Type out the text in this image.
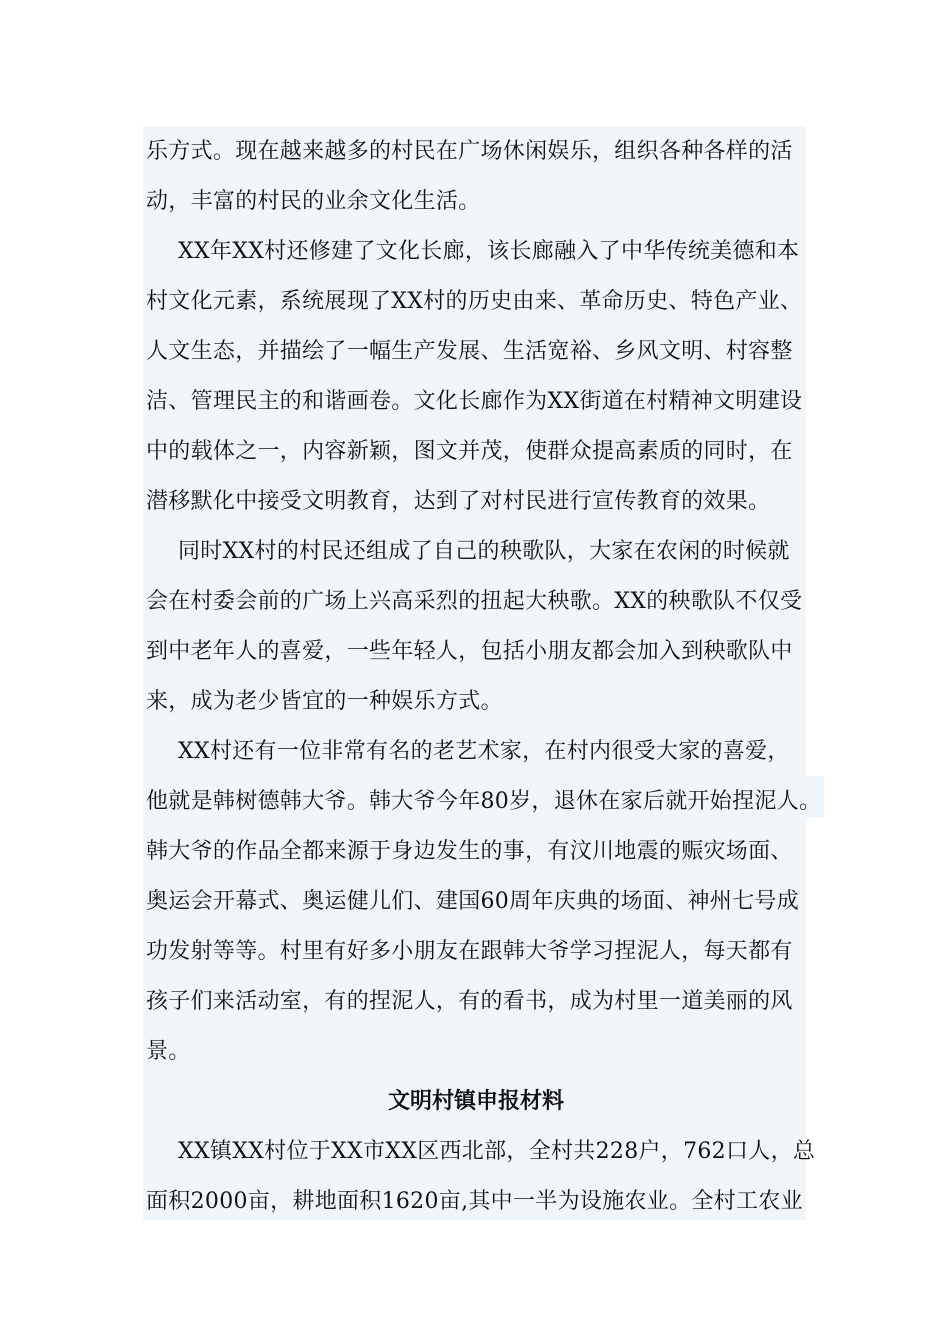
乐方式。现在越来越多的村民在广场休闲娱乐，组织各种各样的活
动，丰富的村民的业余文化生活。
XX年XX村还修建了文化长廊，该长廊融入了中华传统美德和本
村文化元素，系统展现了XX村的历史由来、革命历史、特色产业、
人文生态，并描绘了一幅生产发展、生活宽裕、乡风文明、村容整
洁、管理民主的和谐画卷。文化长廊作为XX街道在村精神文明建设
中的载体之一，内容新颖，图文并茂，使群众提高素质的同时，在
潜移默化中接受文明教育，达到了对村民进行宣传教育的效果。
同时XX村的村民还组成了自己的秧歌队，大家在农闲的时候就
会在村委会前的广场上兴高采烈的扭起大秧歌。XX的秧歌队不仅受
到中老年人的喜爱，一些年轻人，包括小朋友都会加入到秧歌队中
来，成为老少皆宜的一种娱乐方式。
XX村还有一位非常有名的老艺术家，在村内很受大家的喜爱，
他就是韩树德韩大爷。韩大爷今年80岁，退休在家后就开始捏泥人。
韩大爷的作品全都来源于身边发生的事，有汶川地震的赈灾场面、
奥运会开幕式、奥运健儿们、建国60周年庆典的场面、神州七号成
功发射等等。村里有好多小朋友在跟韩大爷学习捏泥人，每天都有
孩子们来活动室，有的捏泥人，有的看书，成为村里一道美丽的风
景。
文明村镇申报材料
XX镇XX村位于XX市XX区西北部，全村共228户，762口人，总
面积2000亩，耕地面积1620亩,其中一半为设施农业。全村工农业
